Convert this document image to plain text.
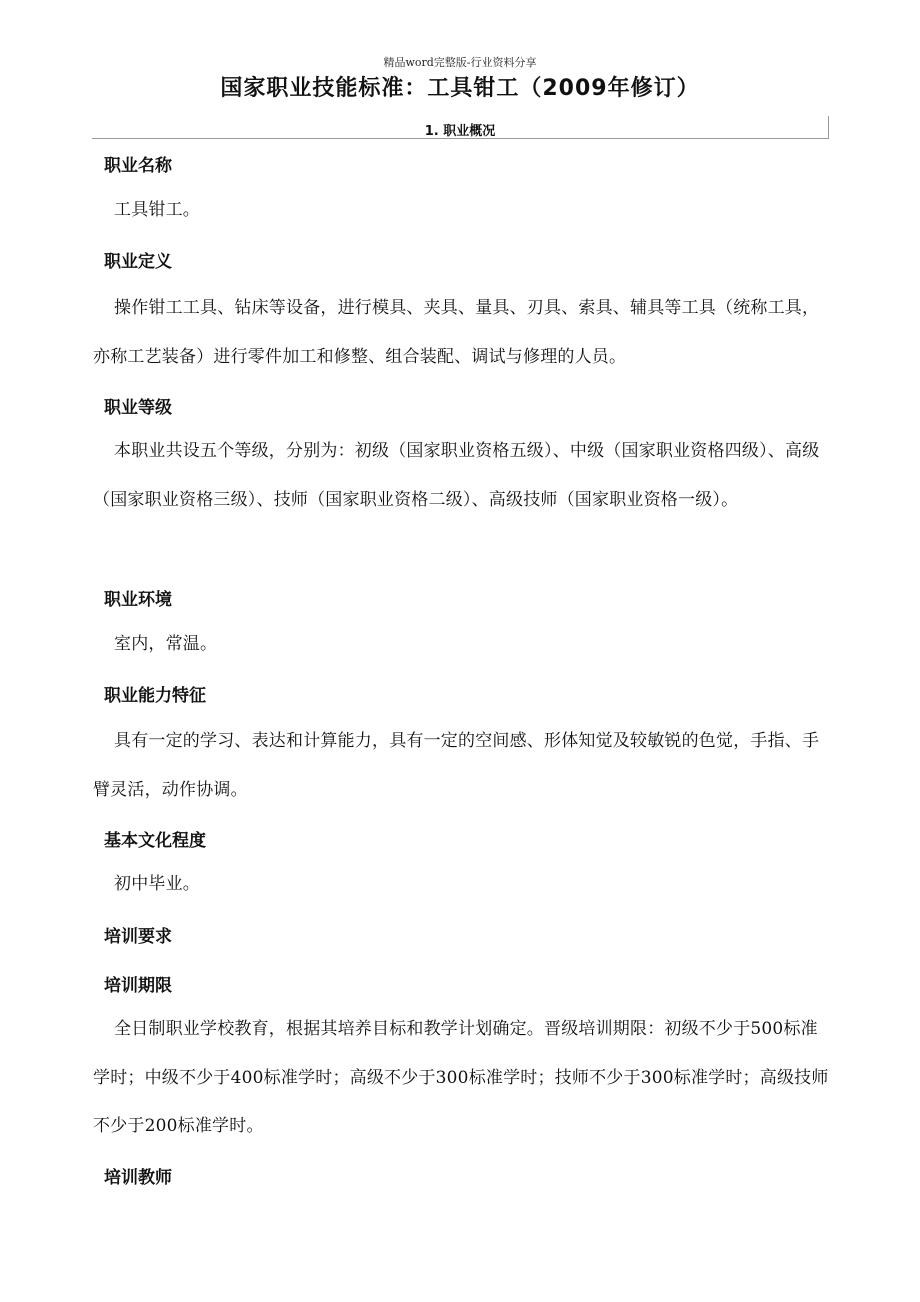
精品word完整版-行业资料分享
国家职业技能标准：工具钳工（2009年修订）
1. 职业概况
职业名称
工具钳工。
职业定义
操作钳工工具、钻床等设备，进行模具、夹具、量具、刃具、索具、辅具等工具（统称工具，亦称工艺装备）进行零件加工和修整、组合装配、调试与修理的人员。
职业等级
本职业共设五个等级，分别为：初级（国家职业资格五级）、中级（国家职业资格四级）、高级（国家职业资格三级）、技师（国家职业资格二级）、高级技师（国家职业资格一级）。
职业环境
室内，常温。
职业能力特征
具有一定的学习、表达和计算能力，具有一定的空间感、形体知觉及较敏锐的色觉，手指、手臂灵活，动作协调。
基本文化程度
初中毕业。
培训要求
培训期限
全日制职业学校教育，根据其培养目标和教学计划确定。晋级培训期限：初级不少于500标准学时；中级不少于400标准学时；高级不少于300标准学时；技师不少于300标准学时；高级技师不少于200标准学时。
培训教师
